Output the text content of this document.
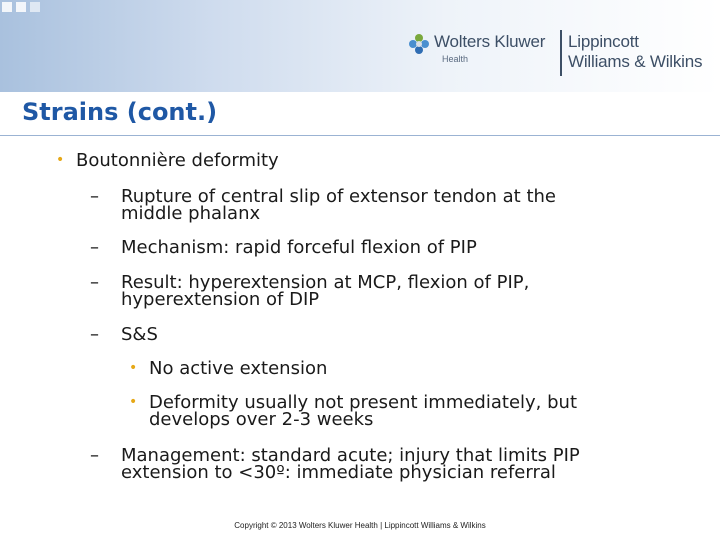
Wolters Kluwer
Health
Lippincott
Williams & Wilkins
Strains (cont.)
• Boutonnière deformity
– Rupture of central slip of extensor tendon at the middle phalanx
– Mechanism: rapid forceful flexion of PIP
– Result: hyperextension at MCP, flexion of PIP, hyperextension of DIP
– S&S
• No active extension
• Deformity usually not present immediately, but develops over 2-3 weeks
– Management: standard acute; injury that limits PIP extension to <30º: immediate physician referral
Copyright © 2013 Wolters Kluwer Health | Lippincott Williams & Wilkins
